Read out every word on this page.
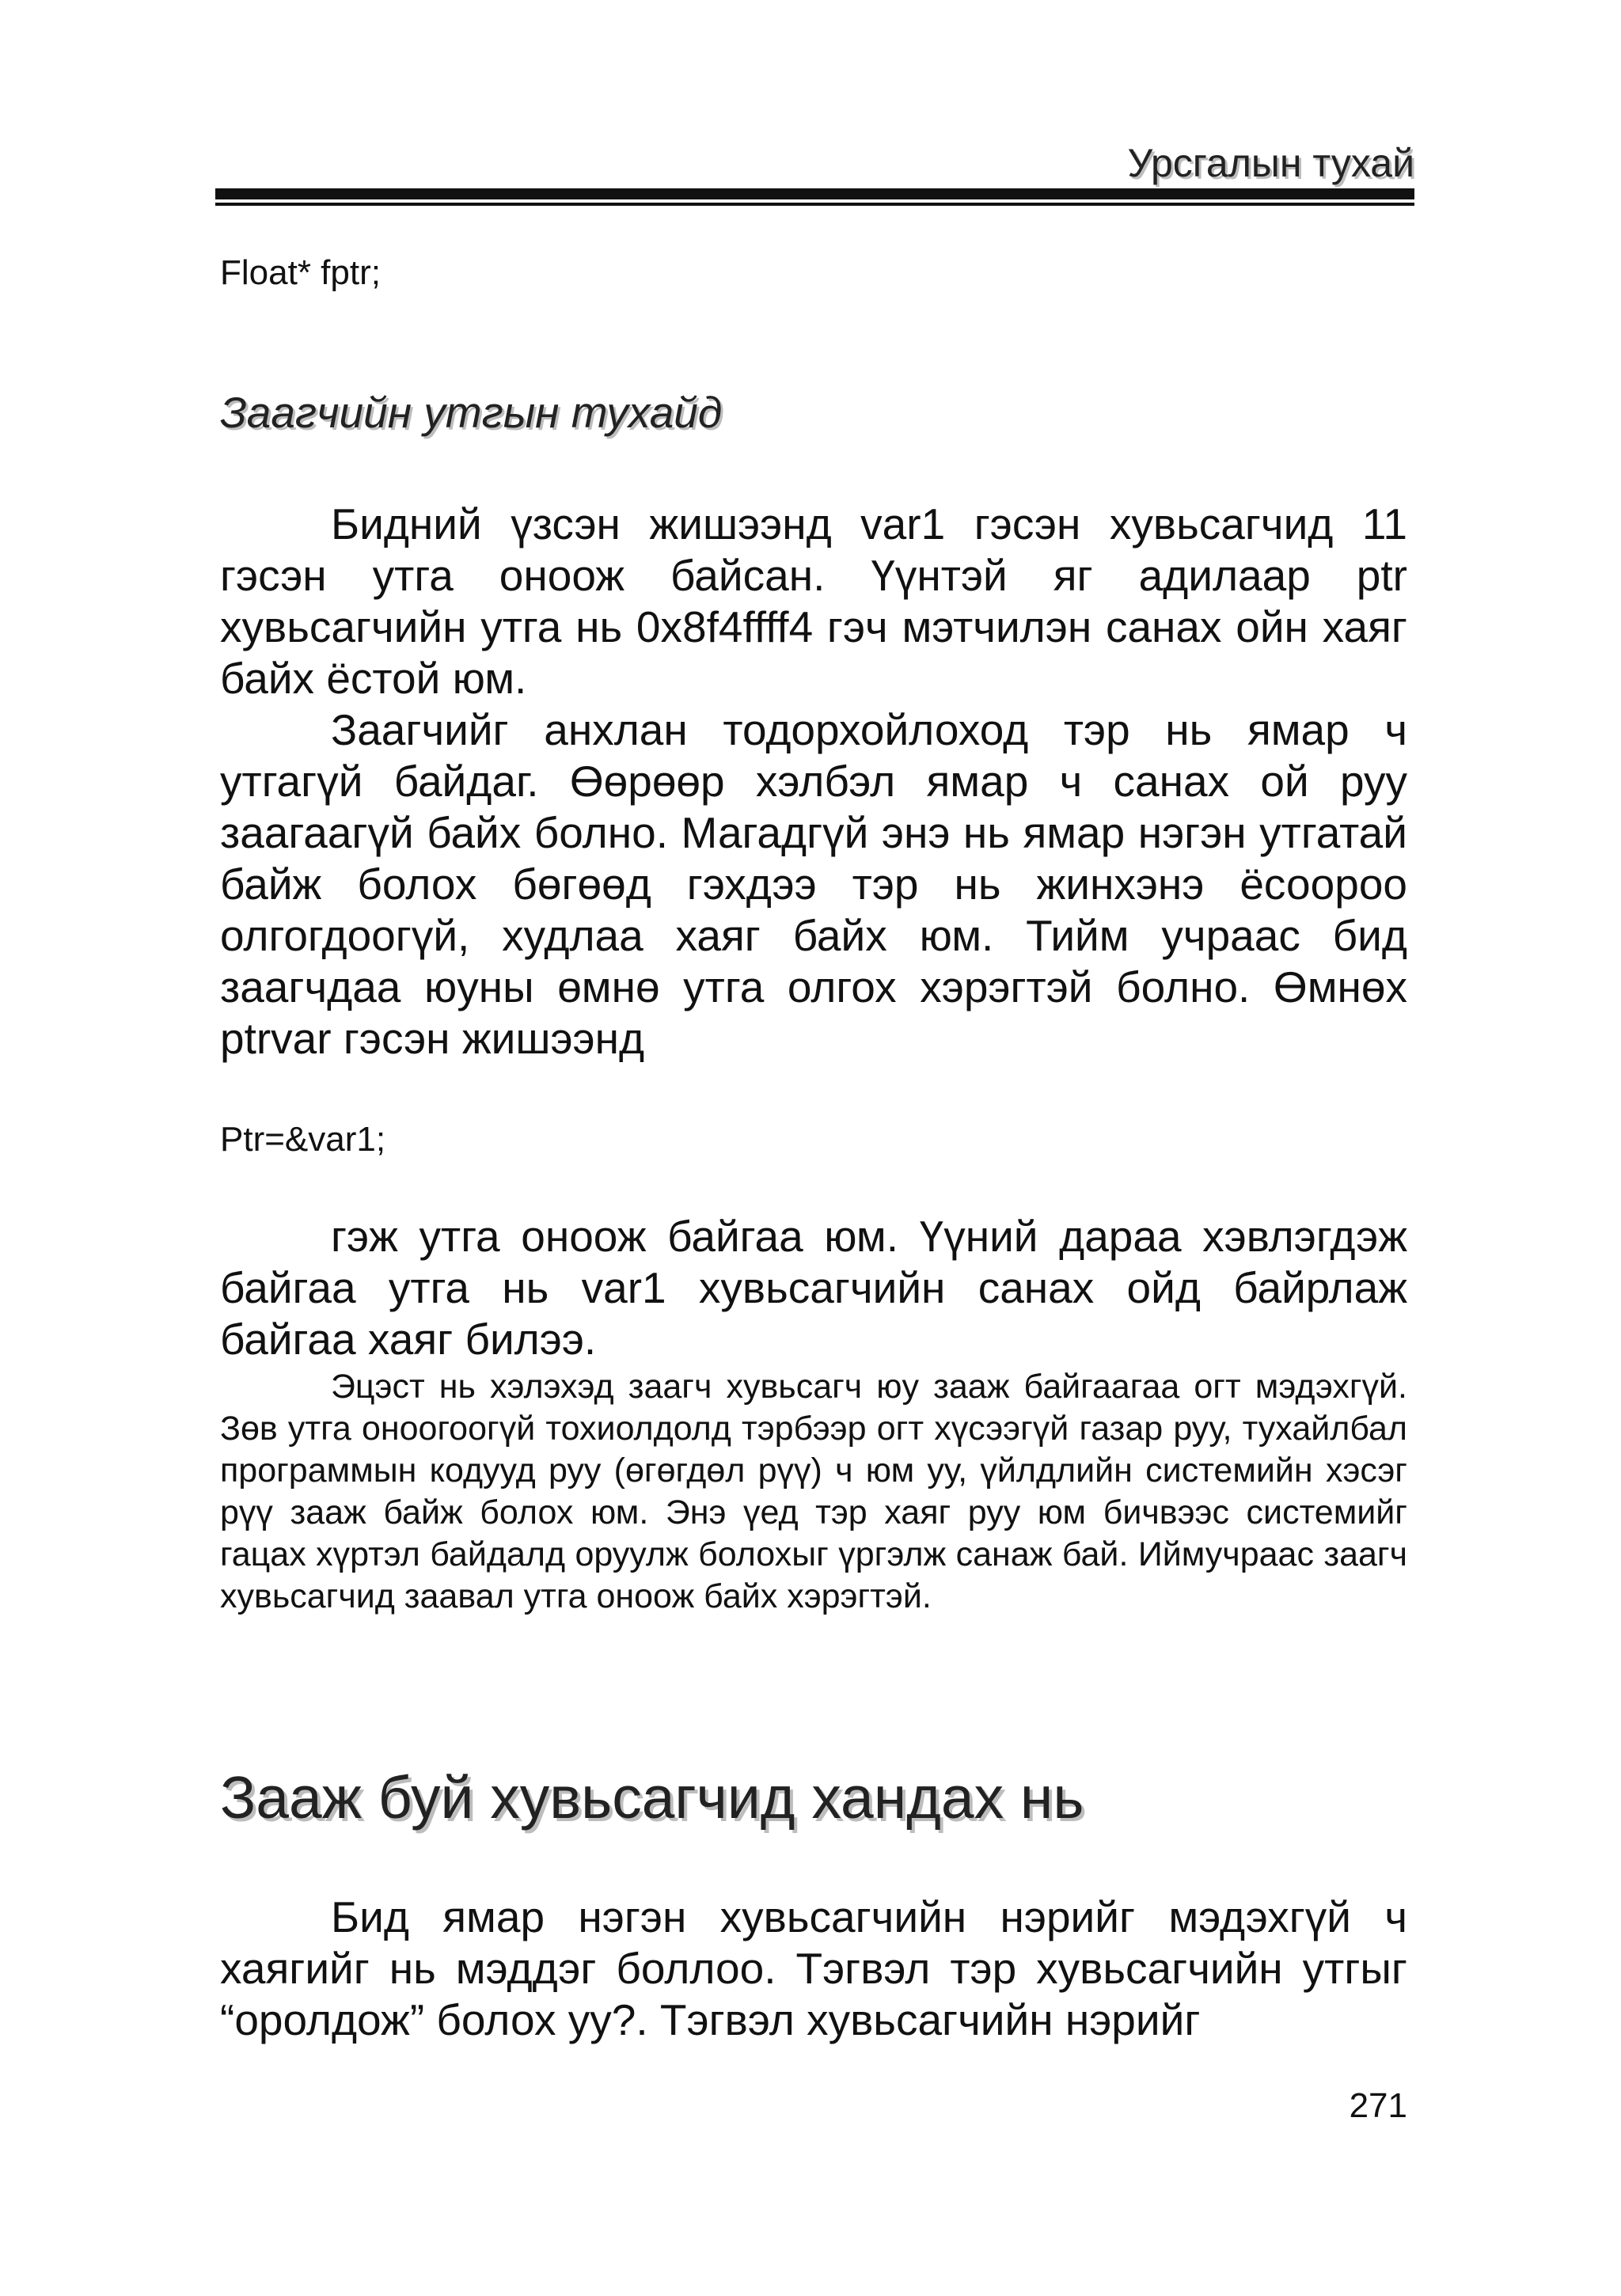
Урсгалын тухай
Float* fptr;
Заагчийн утгын тухайд

Бидний үзсэн жишээнд var1 гэсэн хувьсагчид 11 гэсэн утга оноож байсан. Үүнтэй яг адилаар ptr хувьсагчийн утга нь 0x8f4ffff4 гэч мэтчилэн санах ойн хаяг байх ёстой юм.

Заагчийг анхлан тодорхойлоход тэр нь ямар ч утгагүй байдаг. Өөрөөр хэлбэл ямар ч санах ой руу заагаагүй байх болно. Магадгүй энэ нь ямар нэгэн утгатай байж болох бөгөөд гэхдээ тэр нь жинхэнэ ёсоороо олгогдоогүй, худлаа хаяг байх юм. Тийм учраас бид заагчдаа юуны өмнө утга олгох хэрэгтэй болно. Өмнөх ptrvar гэсэн жишээнд

Ptr=&var1;

гэж утга оноож байгаа юм. Үүний дараа хэвлэгдэж байгаа утга нь var1 хувьсагчийн санах ойд байрлаж байгаа хаяг билээ.

Эцэст нь хэлэхэд заагч хувьсагч юу зааж байгаагаа огт мэдэхгүй. Зөв утга оноогоогүй тохиолдолд тэрбээр огт хүсээгүй газар руу, тухайлбал программын кодууд руу (өгөгдөл рүү) ч юм уу, үйлдлийн системийн хэсэг рүү зааж байж болох юм. Энэ үед тэр хаяг руу юм бичвээс системийг гацах хүртэл байдалд оруулж болохыг үргэлж санаж бай. Иймучраас заагч хувьсагчид заавал утга оноож байх хэрэгтэй.

Зааж буй хувьсагчид хандах нь

Бид ямар нэгэн хувьсагчийн нэрийг мэдэхгүй ч хаягийг нь мэддэг боллоо. Тэгвэл тэр хувьсагчийн утгыг “оролдож” болох уу?. Тэгвэл хувьсагчийн нэрийг

271
